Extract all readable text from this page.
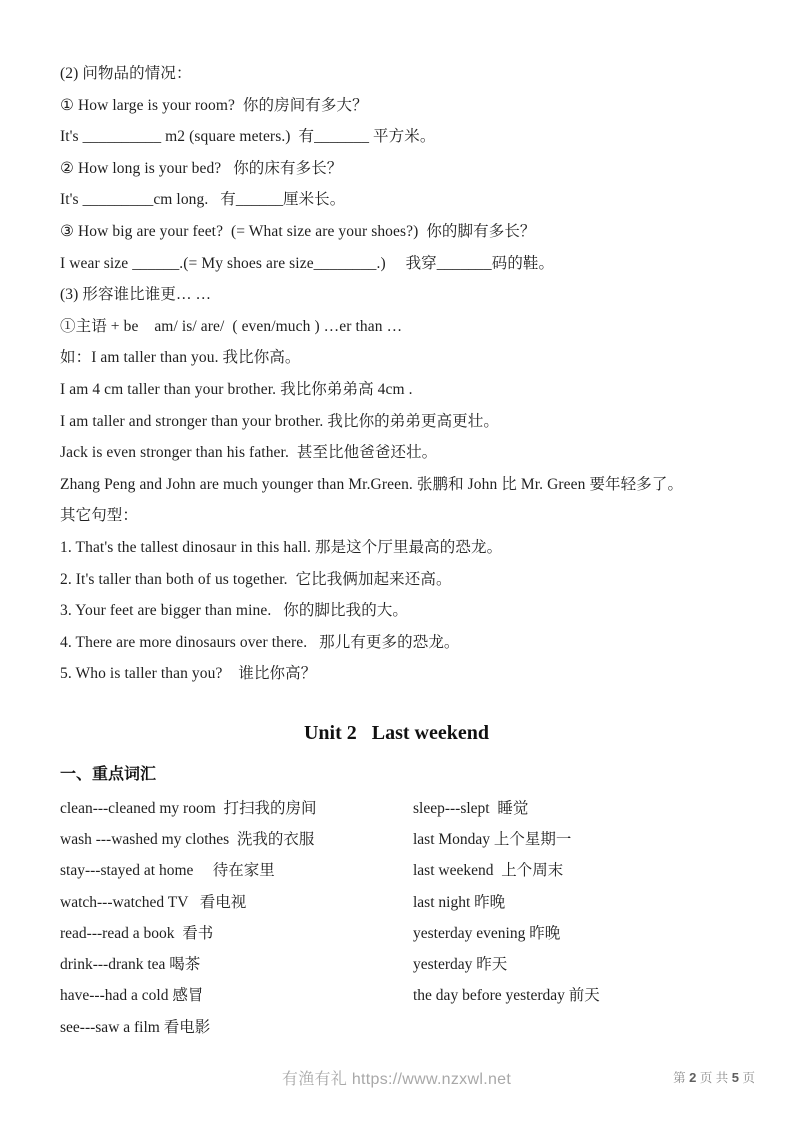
(2) 问物品的情况：
① How large is your room?  你的房间有多大？
It's __________ m2 (square meters.)  有_______ 平方米。
② How long is your bed?   你的床有多长？
It's _________cm long.   有______厘米长。
③ How big are your feet?  (= What size are your shoes?)  你的脚有多长？
I wear size ______.(= My shoes are size________.)     我穿_______码的鞋。
(3) 形容谁比谁更… …
①主语 + be    am/ is/ are/  ( even/much ) …er than …
如：I am taller than you. 我比你高。
I am 4 cm taller than your brother. 我比你弟弟高 4cm .
I am taller and stronger than your brother. 我比你的弟弟更高更壮。
Jack is even stronger than his father.  甚至比他爸爸还壮。
Zhang Peng and John are much younger than Mr.Green. 张鹏和 John 比 Mr. Green 要年轻多了。
其它句型：
1. That's the tallest dinosaur in this hall. 那是这个厅里最高的恐龙。
2. It's taller than both of us together.  它比我俩加起来还高。
3. Your feet are bigger than mine.   你的脚比我的大。
4. There are more dinosaurs over there.   那儿有更多的恐龙。
5. Who is taller than you?    谁比你高？
Unit 2   Last weekend
一、重点词汇
clean---cleaned my room  打扫我的房间	sleep---slept  睡觉
wash ---washed my clothes  洗我的衣服	last Monday 上个星期一
stay---stayed at home     待在家里	last weekend  上个周末
watch---watched TV   看电视	last night 昨晚
read---read a book  看书	yesterday evening 昨晚
drink---drank tea 喝茶	yesterday 昨天
have---had a cold 感冒	the day before yesterday 前天
see---saw a film 看电影
有渔有礼 https://www.nzxwl.net	第 2 页 共 5 页
